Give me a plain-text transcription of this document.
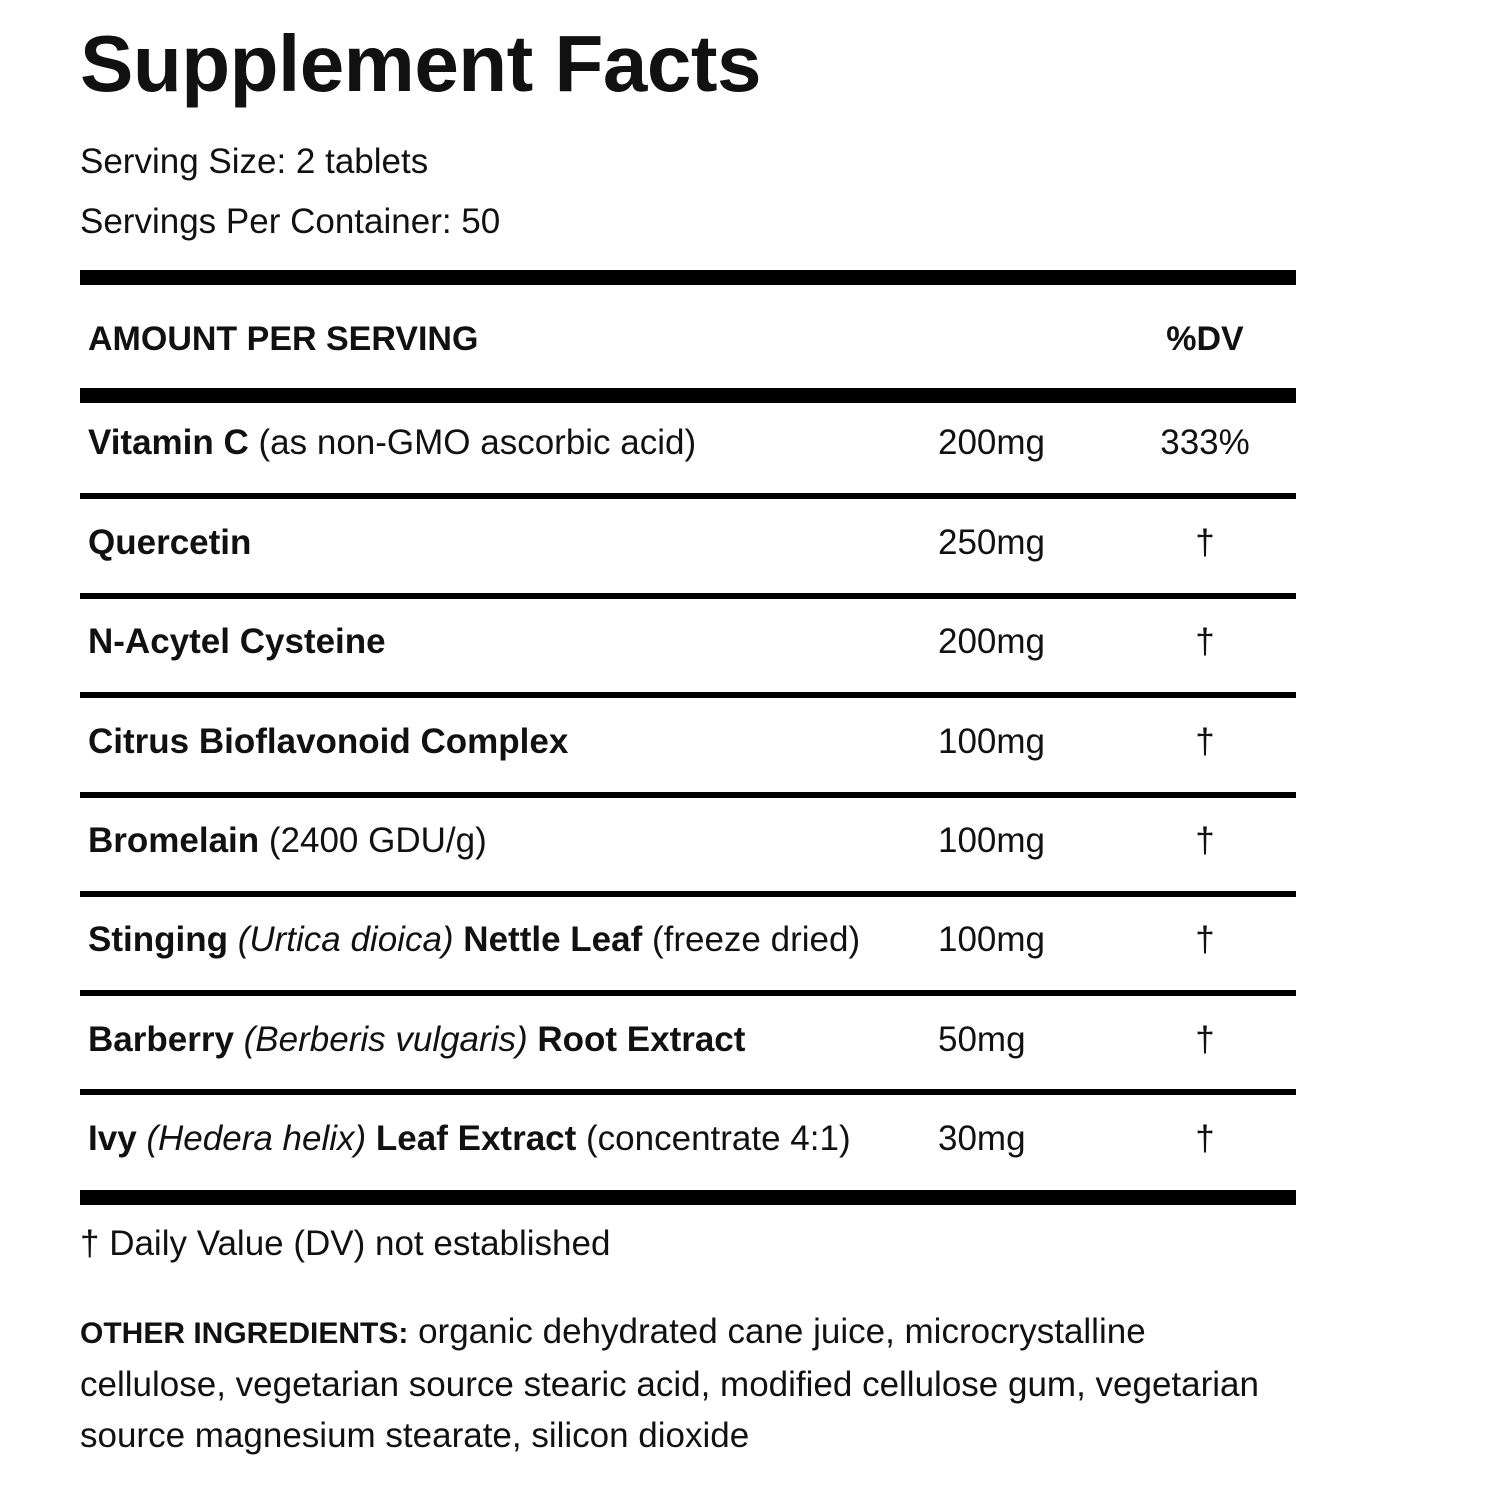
Supplement Facts
Serving Size: 2 tablets
Servings Per Container: 50
AMOUNT PER SERVING	%DV
Vitamin C (as non-GMO ascorbic acid)	200mg	333%
Quercetin	250mg	†
N-Acytel Cysteine	200mg	†
Citrus Bioflavonoid Complex	100mg	†
Bromelain (2400 GDU/g)	100mg	†
Stinging (Urtica dioica) Nettle Leaf (freeze dried) 100mg	†
Barberry (Berberis vulgaris) Root Extract	50mg	†
Ivy (Hedera helix) Leaf Extract (concentrate 4:1) 30mg	†
† Daily Value (DV) not established
OTHER INGREDIENTS: organic dehydrated cane juice, microcrystalline cellulose, vegetarian source stearic acid, modified cellulose gum, vegetarian source magnesium stearate, silicon dioxide
